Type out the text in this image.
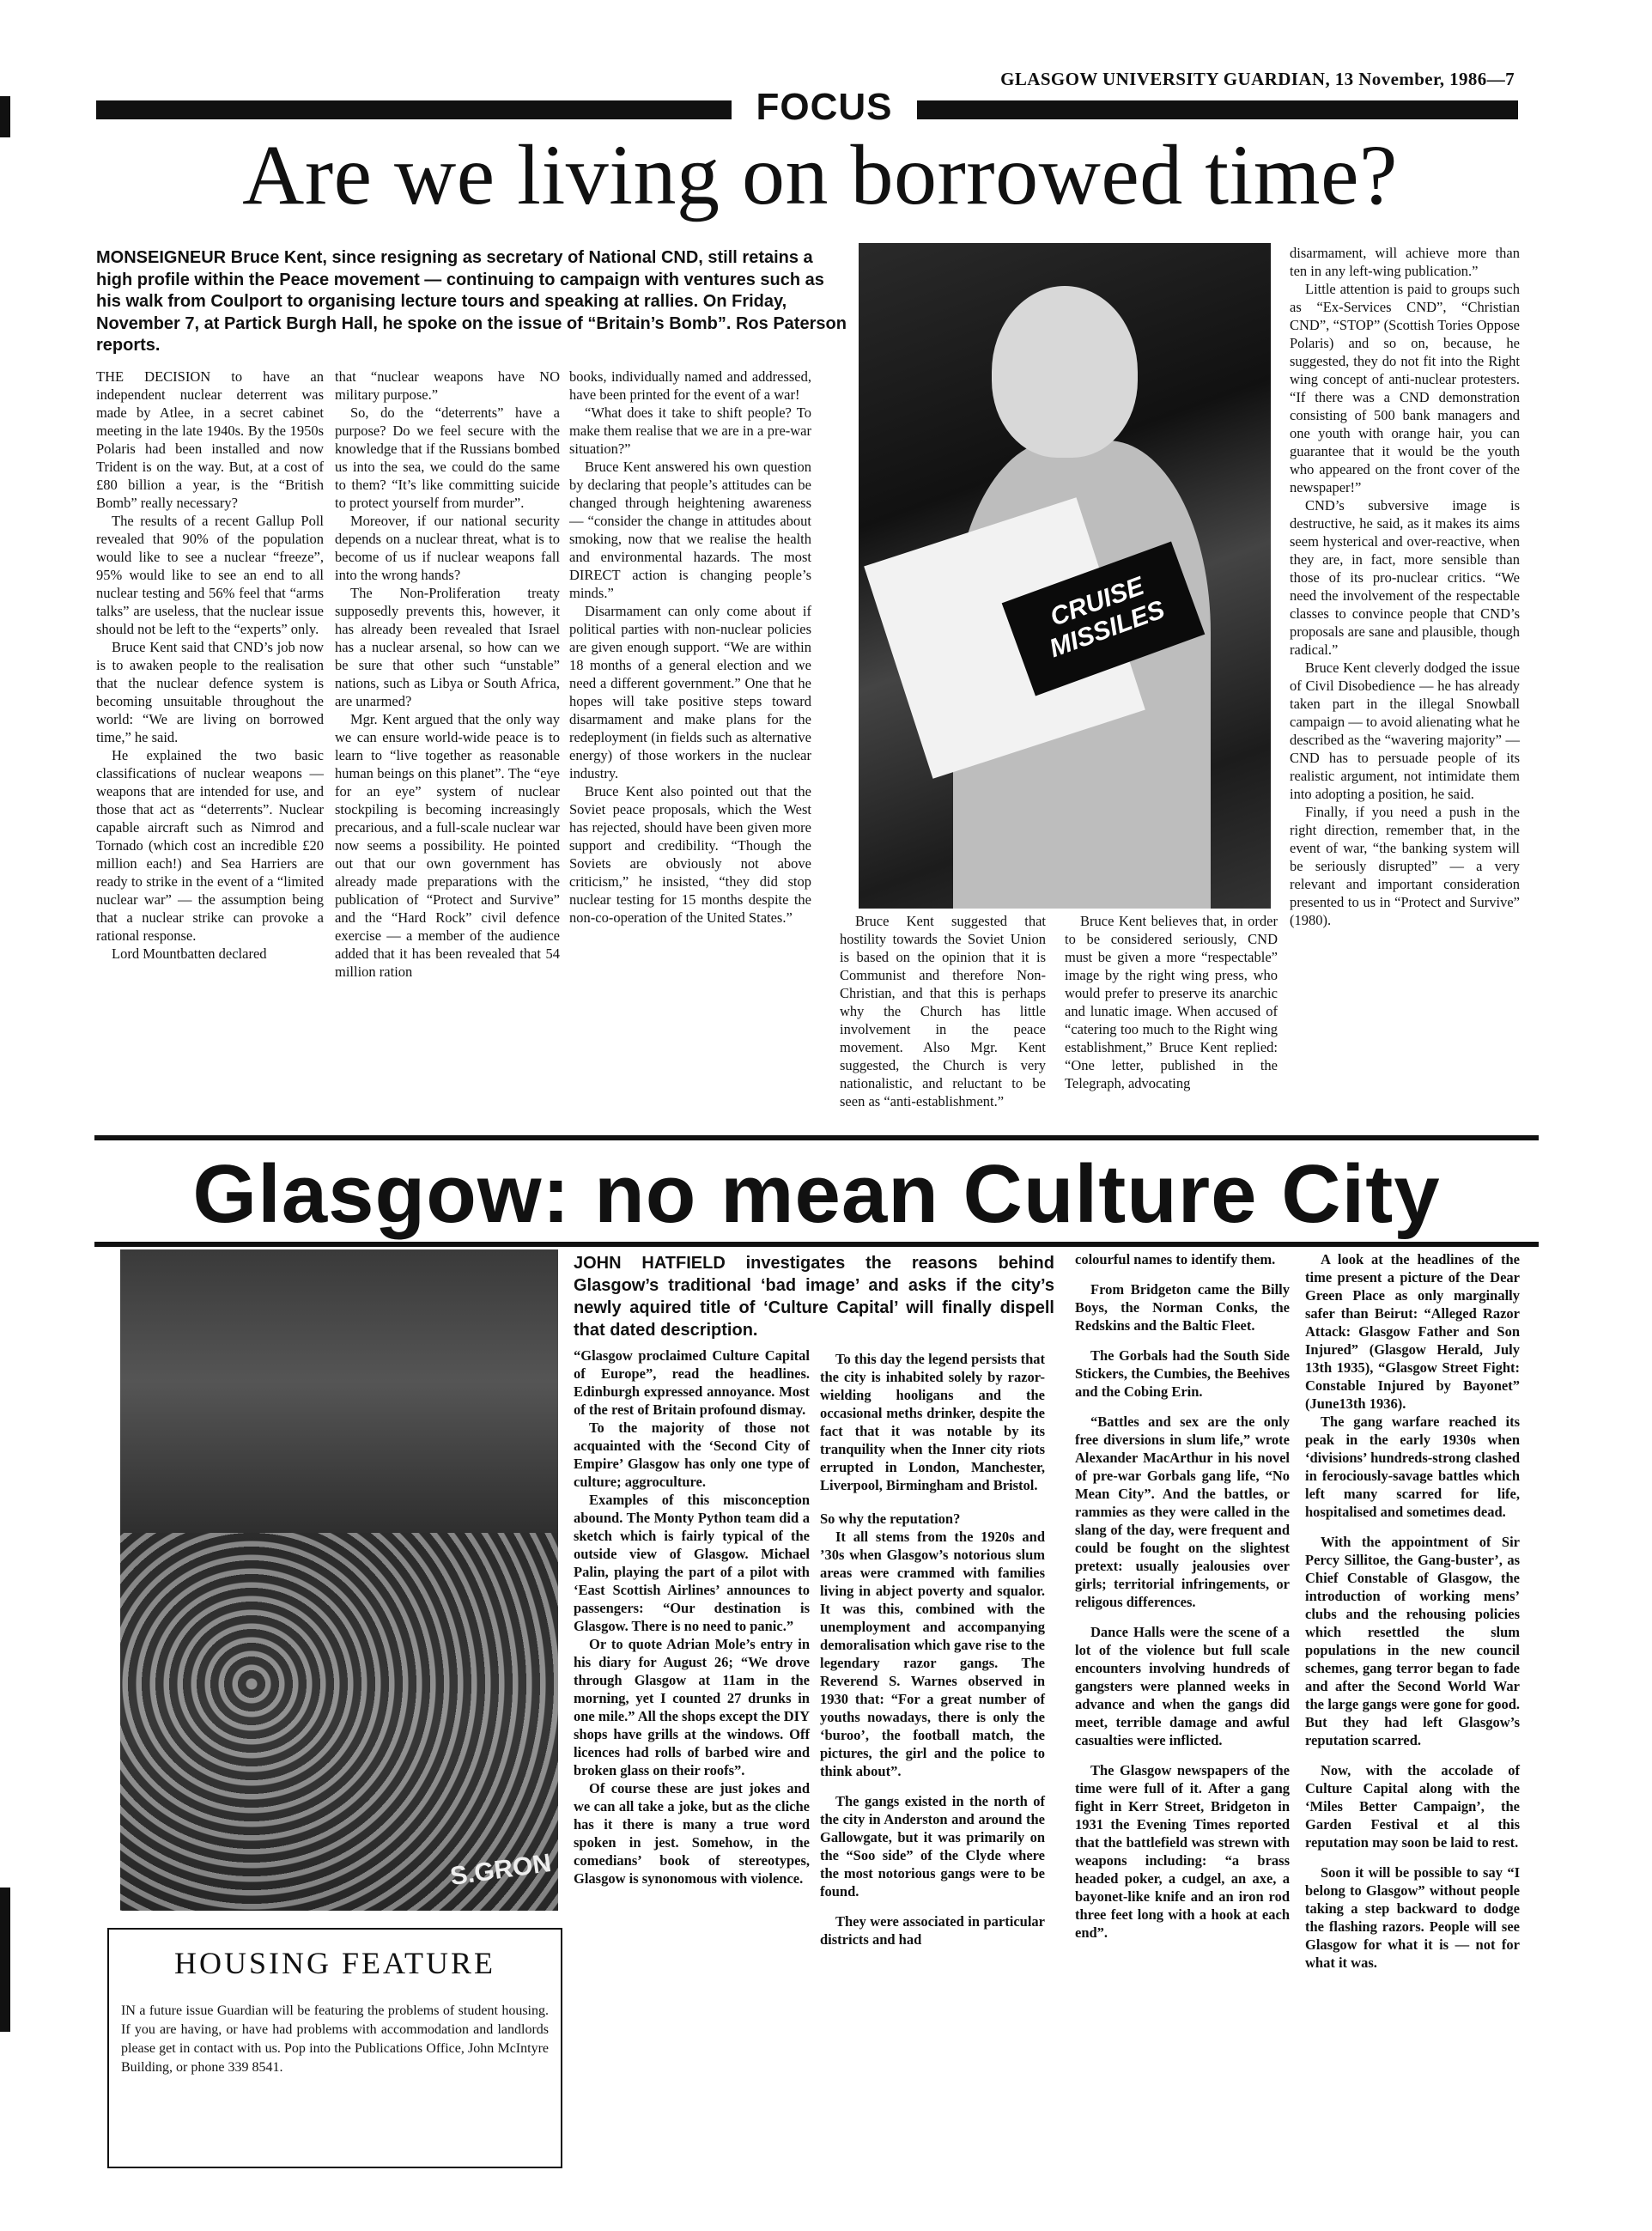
GLASGOW UNIVERSITY GUARDIAN, 13 November, 1986—7
FOCUS
Are we living on borrowed time?
MONSEIGNEUR Bruce Kent, since resigning as secretary of National CND, still retains a high profile within the Peace movement — continuing to campaign with ventures such as his walk from Coulport to organising lecture tours and speaking at rallies. On Friday, November 7, at Partick Burgh Hall, he spoke on the issue of “Britain’s Bomb”. Ros Paterson reports.

THE DECISION to have an independent nuclear deterrent was made by Atlee, in a secret cabinet meeting in the late 1940s. By the 1950s Polaris had been installed and now Trident is on the way. But, at a cost of £80 billion a year, is the “British Bomb” really necessary?

The results of a recent Gallup Poll revealed that 90% of the population would like to see a nuclear “freeze”, 95% would like to see an end to all nuclear testing and 56% feel that “arms talks” are useless, that the nuclear issue should not be left to the “experts” only.

Bruce Kent said that CND’s job now is to awaken people to the realisation that the nuclear defence system is becoming unsuitable throughout the world: “We are living on borrowed time,” he said.

He explained the two basic classifications of nuclear weapons — weapons that are intended for use, and those that act as “deterrents”. Nuclear capable aircraft such as Nimrod and Tornado (which cost an incredible £20 million each!) and Sea Harriers are ready to strike in the event of a “limited nuclear war” — the assumption being that a nuclear strike can provoke a rational response.

Lord Mountbatten declared

that “nuclear weapons have NO military purpose.”

So, do the “deterrents” have a purpose? Do we feel secure with the knowledge that if the Russians bombed us into the sea, we could do the same to them? “It’s like committing suicide to protect yourself from murder”.

Moreover, if our national security depends on a nuclear threat, what is to become of us if nuclear weapons fall into the wrong hands?

The Non-Proliferation treaty supposedly prevents this, however, it has already been revealed that Israel has a nuclear arsenal, so how can we be sure that other such “unstable” nations, such as Libya or South Africa, are unarmed?

Mgr. Kent argued that the only way we can ensure world-wide peace is to learn to “live together as reasonable human beings on this planet”. The “eye for an eye” system of nuclear stockpiling is becoming increasingly precarious, and a full-scale nuclear war now seems a possibility. He pointed out that our own government has already made preparations with the publication of “Protect and Survive” and the “Hard Rock” civil defence exercise — a member of the audience added that it has been revealed that 54 million ration

books, individually named and addressed, have been printed for the event of a war!

“What does it take to shift people? To make them realise that we are in a pre-war situation?”

Bruce Kent answered his own question by declaring that people’s attitudes can be changed through heightening awareness — “consider the change in attitudes about smoking, now that we realise the health and environmental hazards. The most DIRECT action is changing people’s minds.”

Disarmament can only come about if political parties with non-nuclear policies are given enough support. “We are within 18 months of a general election and we need a different government.” One that he hopes will take positive steps toward disarmament and make plans for the redeployment (in fields such as alternative energy) of those workers in the nuclear industry.

Bruce Kent also pointed out that the Soviet peace proposals, which the West has rejected, should have been given more support and credibility. “Though the Soviets are obviously not above criticism,” he insisted, “they did stop nuclear testing for 15 months despite the non-co-operation of the United States.”

CRUISE MISSILES

Bruce Kent suggested that hostility towards the Soviet Union is based on the opinion that it is Communist and therefore Non-Christian, and that this is perhaps why the Church has little involvement in the peace movement. Also Mgr. Kent suggested, the Church is very nationalistic, and reluctant to be seen as “anti-establishment.”

Bruce Kent believes that, in order to be considered seriously, CND must be given a more “respectable” image by the right wing press, who would prefer to preserve its anarchic and lunatic image. When accused of “catering too much to the Right wing establishment,” Bruce Kent replied: “One letter, published in the Telegraph, advocating

disarmament, will achieve more than ten in any left-wing publication.”

Little attention is paid to groups such as “Ex-Services CND”, “Christian CND”, “STOP” (Scottish Tories Oppose Polaris) and so on, because, he suggested, they do not fit into the Right wing concept of anti-nuclear protesters. “If there was a CND demonstration consisting of 500 bank managers and one youth with orange hair, you can guarantee that it would be the youth who appeared on the front cover of the newspaper!”

CND’s subversive image is destructive, he said, as it makes its aims seem hysterical and over-reactive, when they are, in fact, more sensible than those of its pro-nuclear critics. “We need the involvement of the respectable classes to convince people that CND’s proposals are sane and plausible, though radical.”

Bruce Kent cleverly dodged the issue of Civil Disobedience — he has already taken part in the illegal Snowball campaign — to avoid alienating what he described as the “wavering majority” — CND has to persuade people of its realistic argument, not intimidate them into adopting a position, he said.

Finally, if you need a push in the right direction, remember that, in the event of war, “the banking system will be seriously disrupted” — a very relevant and important consideration presented to us in “Protect and Survive” (1980).

Glasgow: no mean Culture City
S.GRON
HOUSING FEATURE
IN a future issue Guardian will be featuring the problems of student housing. If you are having, or have had problems with accommodation and landlords please get in contact with us. Pop into the Publications Office, John McIntyre Building, or phone 339 8541.
JOHN HATFIELD investigates the reasons behind Glasgow’s traditional ‘bad image’ and asks if the city’s newly aquired title of ‘Culture Capital’ will finally dispell that dated description.

“Glasgow proclaimed Culture Capital of Europe”, read the headlines. Edinburgh expressed annoyance. Most of the rest of Britain profound dismay.

To the majority of those not acquainted with the ‘Second City of Empire’ Glasgow has only one type of culture; aggroculture.

Examples of this misconception abound. The Monty Python team did a sketch which is fairly typical of the outside view of Glasgow. Michael Palin, playing the part of a pilot with ‘East Scottish Airlines’ announces to passengers: “Our destination is Glasgow. There is no need to panic.”

Or to quote Adrian Mole’s entry in his diary for August 26; “We drove through Glasgow at 11am in the morning, yet I counted 27 drunks in one mile.” All the shops except the DIY shops have grills at the windows. Off licences had rolls of barbed wire and broken glass on their roofs”.

Of course these are just jokes and we can all take a joke, but as the cliche has it there is many a true word spoken in jest. Somehow, in the comedians’ book of stereotypes, Glasgow is synonomous with violence.

To this day the legend persists that the city is inhabited solely by razor-wielding hooligans and the occasional meths drinker, despite the fact that it was notable by its tranquility when the Inner city riots errupted in London, Manchester, Liverpool, Birmingham and Bristol.

So why the reputation?

It all stems from the 1920s and ’30s when Glasgow’s notorious slum areas were crammed with families living in abject poverty and squalor. It was this, combined with the unemployment and accompanying demoralisation which gave rise to the legendary razor gangs. The Reverend S. Warnes observed in 1930 that: “For a great number of youths nowadays, there is only the ‘buroo’, the football match, the pictures, the girl and the police to think about”.

The gangs existed in the north of the city in Anderston and around the Gallowgate, but it was primarily on the “Soo side” of the Clyde where the most notorious gangs were to be found.

They were associated in particular districts and had

colourful names to identify them.

From Bridgeton came the Billy Boys, the Norman Conks, the Redskins and the Baltic Fleet.

The Gorbals had the South Side Stickers, the Cumbies, the Beehives and the Cobing Erin.

“Battles and sex are the only free diversions in slum life,” wrote Alexander MacArthur in his novel of pre-war Gorbals gang life, “No Mean City”. And the battles, or rammies as they were called in the slang of the day, were frequent and could be fought on the slightest pretext: usually jealousies over girls; territorial infringements, or religous differences.

Dance Halls were the scene of a lot of the violence but full scale encounters involving hundreds of gangsters were planned weeks in advance and when the gangs did meet, terrible damage and awful casualties were inflicted.

The Glasgow newspapers of the time were full of it. After a gang fight in Kerr Street, Bridgeton in 1931 the Evening Times reported that the battlefield was strewn with weapons including: “a brass headed poker, a cudgel, an axe, a bayonet-like knife and an iron rod three feet long with a hook at each end”.

A look at the headlines of the time present a picture of the Dear Green Place as only marginally safer than Beirut: “Alleged Razor Attack: Glasgow Father and Son Injured” (Glasgow Herald, July 13th 1935), “Glasgow Street Fight: Constable Injured by Bayonet” (June13th 1936).

The gang warfare reached its peak in the early 1930s when ‘divisions’ hundreds-strong clashed in ferociously-savage battles which left many scarred for life, hospitalised and sometimes dead.

With the appointment of Sir Percy Sillitoe, the Gang-buster’, as Chief Constable of Glasgow, the introduction of working mens’ clubs and the rehousing policies which resettled the slum populations in the new council schemes, gang terror began to fade and after the Second World War the large gangs were gone for good. But they had left Glasgow’s reputation scarred.

Now, with the accolade of Culture Capital along with the ‘Miles Better Campaign’, the Garden Festival et al this reputation may soon be laid to rest.

Soon it will be possible to say “I belong to Glasgow” without people taking a step backward to dodge the flashing razors. People will see Glasgow for what it is — not for what it was.
